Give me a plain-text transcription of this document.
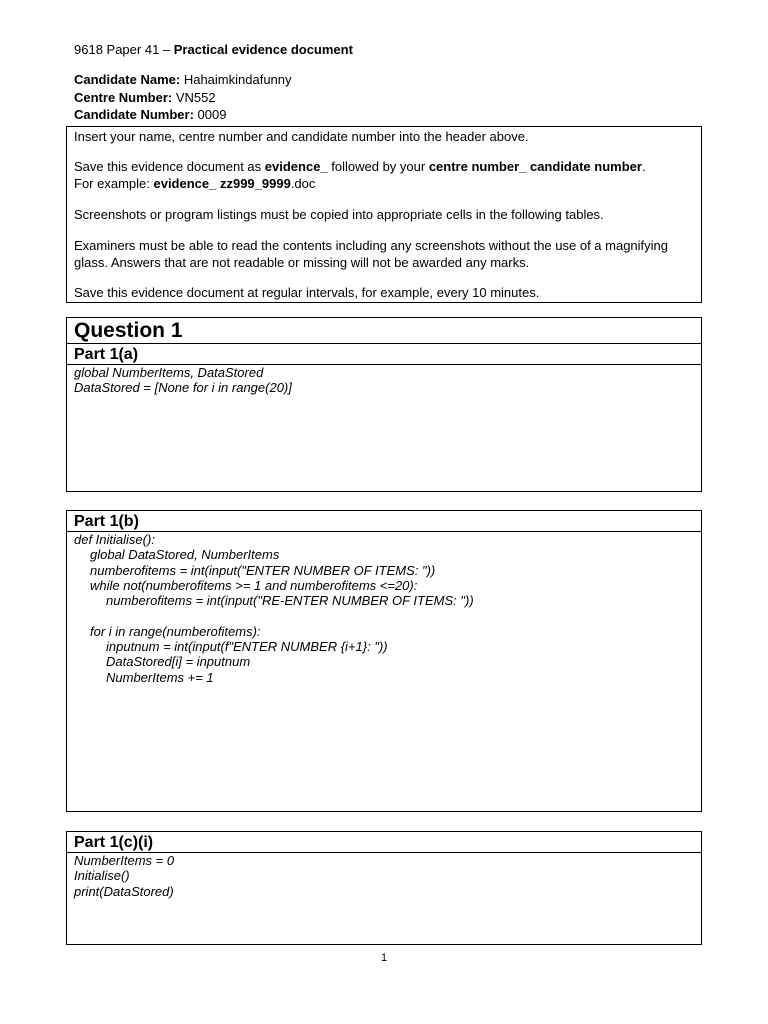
9618 Paper 41 – Practical evidence document
Candidate Name: Hahaimkindafunny
Centre Number: VN552
Candidate Number: 0009

Insert your name, centre number and candidate number into the header above.

Save this evidence document as evidence_ followed by your centre number_ candidate number.

For example: evidence_ zz999_9999.doc

Screenshots or program listings must be copied into appropriate cells in the following tables.

Examiners must be able to read the contents including any screenshots without the use of a magnifying glass. Answers that are not readable or missing will not be awarded any marks.

Save this evidence document at regular intervals, for example, every 10 minutes.

Question 1
Part 1(a)
global NumberItems, DataStored
DataStored = [None for i in range(20)]
Part 1(b)
def Initialise():
global DataStored, NumberItems
numberofitems = int(input("ENTER NUMBER OF ITEMS: "))
while not(numberofitems >= 1 and numberofitems <=20):
numberofitems = int(input("RE-ENTER NUMBER OF ITEMS: "))
for i in range(numberofitems):
inputnum = int(input(f"ENTER NUMBER {i+1}: "))
DataStored[i] = inputnum
NumberItems += 1
Part 1(c)(i)
NumberItems = 0
Initialise()
print(DataStored)
1
